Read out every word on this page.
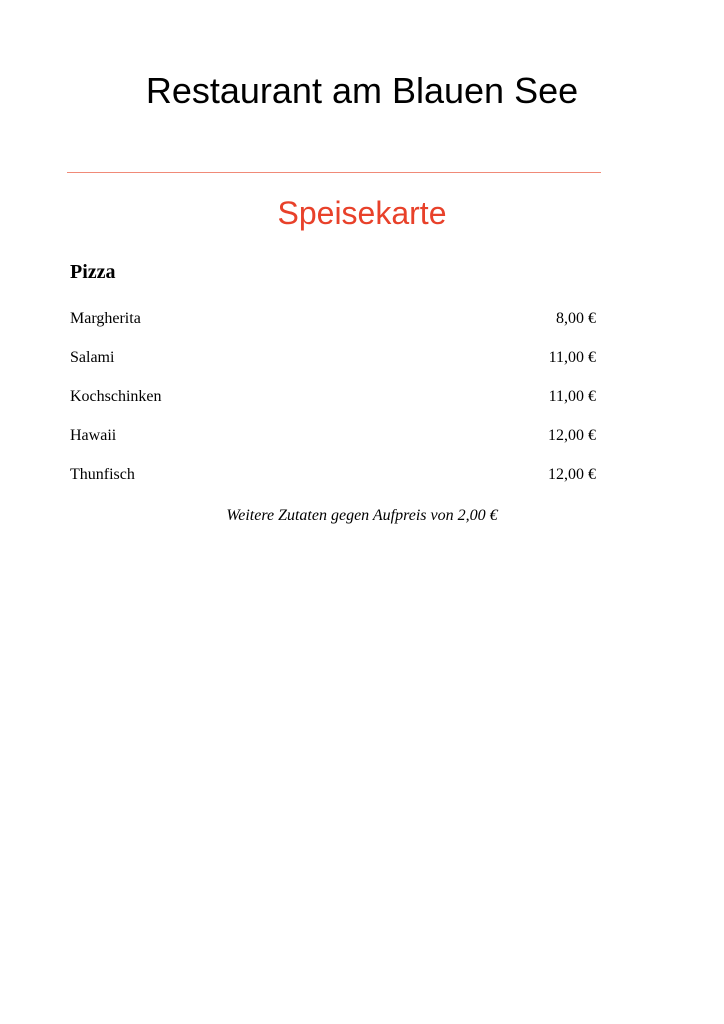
Restaurant am Blauen See
Speisekarte
Pizza
Margherita	8,00 €
Salami	11,00 €
Kochschinken	11,00 €
Hawaii	12,00 €
Thunfisch	12,00 €

Weitere Zutaten gegen Aufpreis von 2,00 €
